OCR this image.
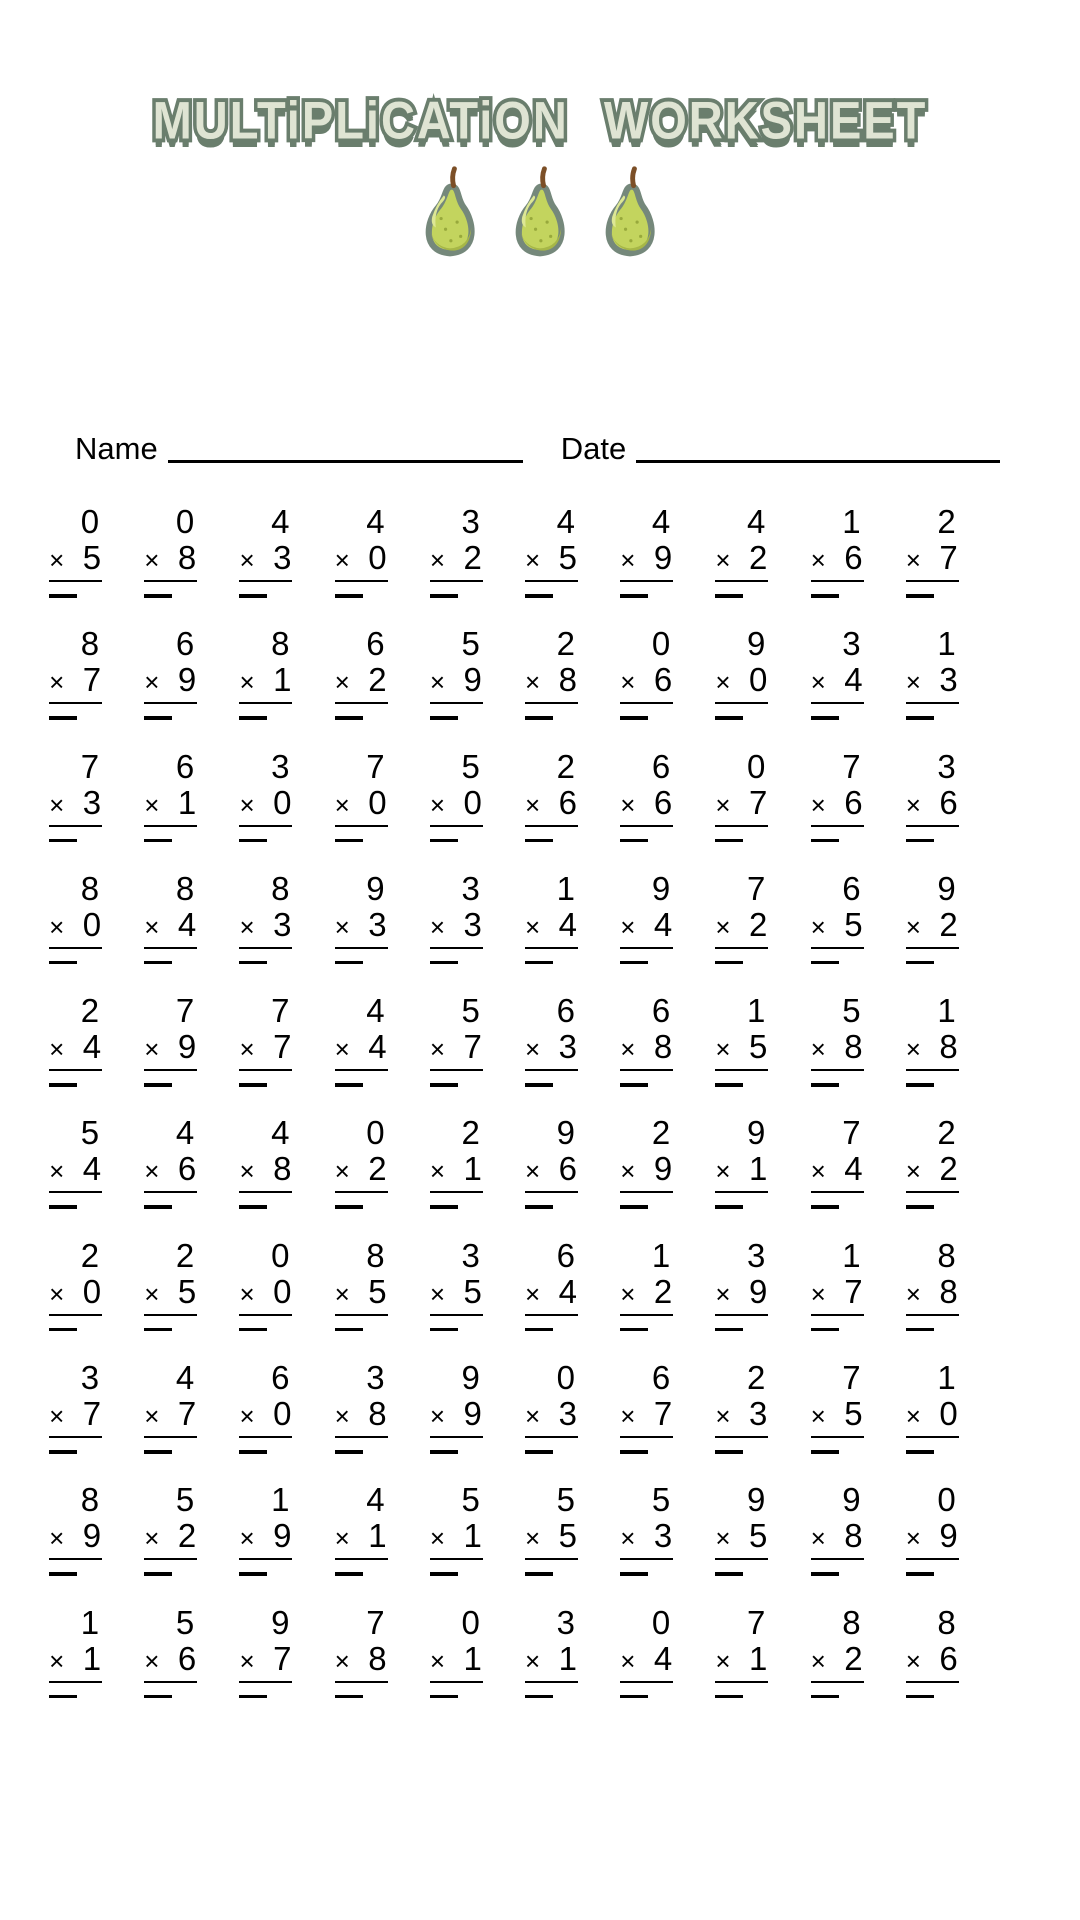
MULTiPLiCATiON WORKSHEET
Name	Date
0
× 5
0
× 8
4
× 3
4
× 0
3
× 2
4
× 5
4
× 9
4
× 2
1
× 6
2
× 7
8
× 7
6
× 9
8
× 1
6
× 2
5
× 9
2
× 8
0
× 6
9
× 0
3
× 4
1
× 3
7
× 3
6
× 1
3
× 0
7
× 0
5
× 0
2
× 6
6
× 6
0
× 7
7
× 6
3
× 6
8
× 0
8
× 4
8
× 3
9
× 3
3
× 3
1
× 4
9
× 4
7
× 2
6
× 5
9
× 2
2
× 4
7
× 9
7
× 7
4
× 4
5
× 7
6
× 3
6
× 8
1
× 5
5
× 8
1
× 8
5
× 4
4
× 6
4
× 8
0
× 2
2
× 1
9
× 6
2
× 9
9
× 1
7
× 4
2
× 2
2
× 0
2
× 5
0
× 0
8
× 5
3
× 5
6
× 4
1
× 2
3
× 9
1
× 7
8
× 8
3
× 7
4
× 7
6
× 0
3
× 8
9
× 9
0
× 3
6
× 7
2
× 3
7
× 5
1
× 0
8
× 9
5
× 2
1
× 9
4
× 1
5
× 1
5
× 5
5
× 3
9
× 5
9
× 8
0
× 9
1
× 1
5
× 6
9
× 7
7
× 8
0
× 1
3
× 1
0
× 4
7
× 1
8
× 2
8
× 6
